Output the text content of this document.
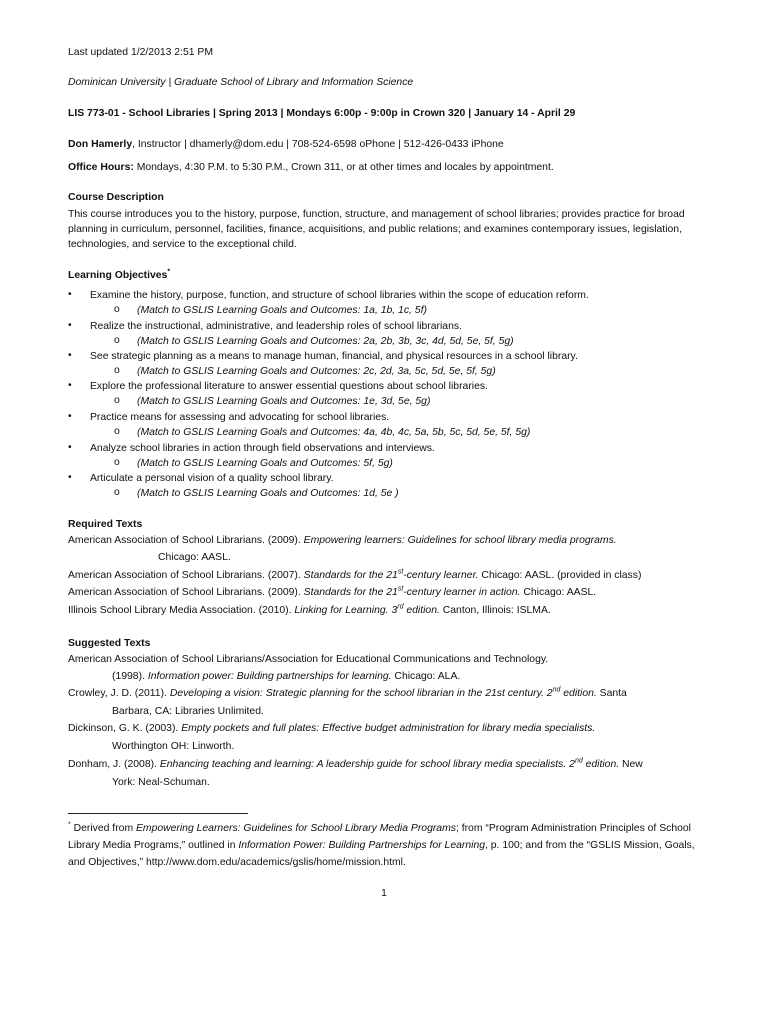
Last updated 1/2/2013 2:51 PM
Dominican University | Graduate School of Library and Information Science
LIS 773-01 - School Libraries | Spring 2013 | Mondays 6:00p - 9:00p in Crown 320 | January 14 - April 29
Don Hamerly, Instructor | dhamerly@dom.edu | 708-524-6598 oPhone | 512-426-0433 iPhone
Office Hours: Mondays, 4:30 P.M. to 5:30 P.M., Crown 311, or at other times and locales by appointment.
Course Description
This course introduces you to the history, purpose, function, structure, and management of school libraries; provides practice for broad planning in curriculum, personnel, facilities, finance, acquisitions, and public relations; and examines contemporary issues, legislation, technologies, and service to the exceptional child.
Learning Objectives*
• Examine the history, purpose, function, and structure of school libraries within the scope of education reform.
o (Match to GSLIS Learning Goals and Outcomes: 1a, 1b, 1c, 5f)
• Realize the instructional, administrative, and leadership roles of school librarians.
o (Match to GSLIS Learning Goals and Outcomes: 2a, 2b, 3b, 3c, 4d, 5d, 5e, 5f, 5g)
• See strategic planning as a means to manage human, financial, and physical resources in a school library.
o (Match to GSLIS Learning Goals and Outcomes: 2c, 2d, 3a, 5c, 5d, 5e, 5f, 5g)
• Explore the professional literature to answer essential questions about school libraries.
o (Match to GSLIS Learning Goals and Outcomes: 1e, 3d, 5e, 5g)
• Practice means for assessing and advocating for school libraries.
o (Match to GSLIS Learning Goals and Outcomes: 4a, 4b, 4c, 5a, 5b, 5c, 5d, 5e, 5f, 5g)
• Analyze school libraries in action through field observations and interviews.
o (Match to GSLIS Learning Goals and Outcomes: 5f, 5g)
• Articulate a personal vision of a quality school library.
o (Match to GSLIS Learning Goals and Outcomes: 1d, 5e )
Required Texts
American Association of School Librarians. (2009). Empowering learners: Guidelines for school library media programs.
Chicago: AASL.
American Association of School Librarians. (2007). Standards for the 21st-century learner. Chicago: AASL. (provided in class)
American Association of School Librarians. (2009). Standards for the 21st-century learner in action. Chicago: AASL.
Illinois School Library Media Association. (2010). Linking for Learning. 3rd edition. Canton, Illinois: ISLMA.
Suggested Texts
American Association of School Librarians/Association for Educational Communications and Technology.
(1998). Information power: Building partnerships for learning. Chicago: ALA.
Crowley, J. D. (2011). Developing a vision: Strategic planning for the school librarian in the 21st century. 2nd edition. Santa
Barbara, CA: Libraries Unlimited.
Dickinson, G. K. (2003). Empty pockets and full plates: Effective budget administration for library media specialists.
Worthington OH: Linworth.
Donham, J. (2008). Enhancing teaching and learning: A leadership guide for school library media specialists. 2nd edition. New
York: Neal-Schuman.
* Derived from Empowering Learners: Guidelines for School Library Media Programs; from “Program Administration Principles of School Library Media Programs,” outlined in Information Power: Building Partnerships for Learning, p. 100; and from the “GSLIS Mission, Goals, and Objectives,” http://www.dom.edu/academics/gslis/home/mission.html.
1
